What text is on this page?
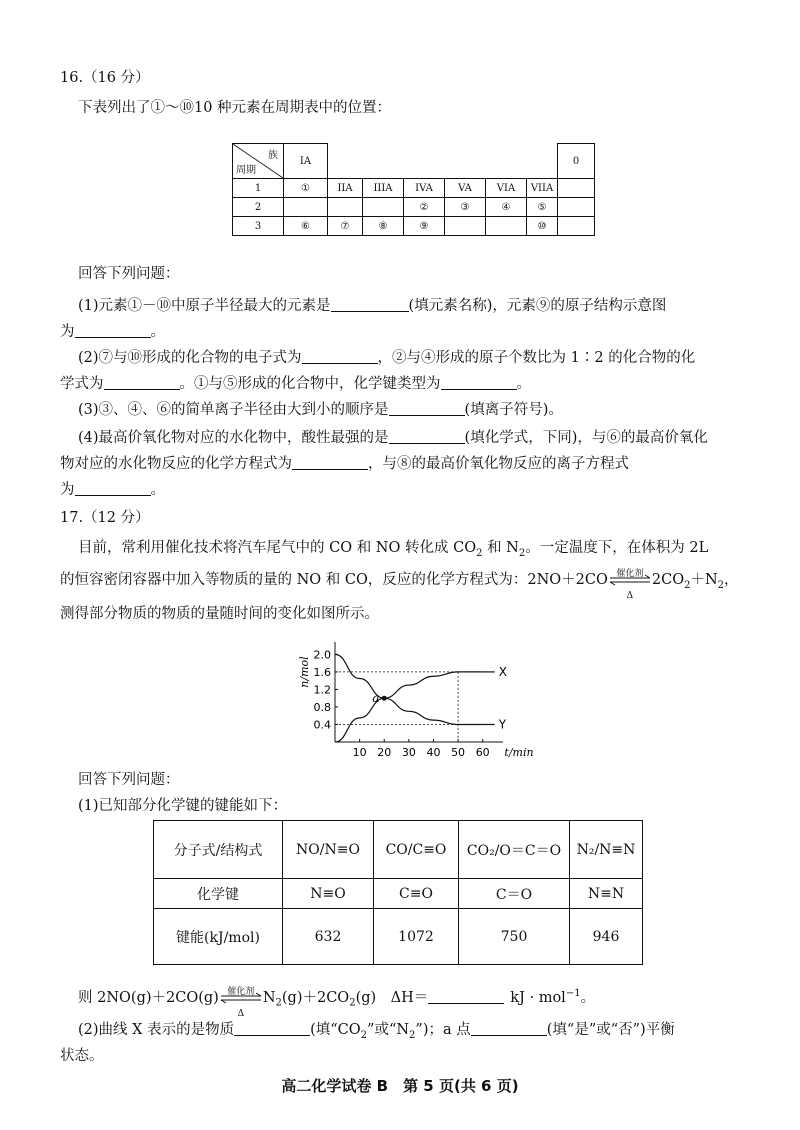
16.（16 分）
下表列出了①～⑩10 种元素在周期表中的位置：
族
周期	IA							0
1	①	IIA	IIIA	IVA	VA	VIA	VIIA	
2				②	③	④	⑤	
3	⑥	⑦	⑧	⑨			⑩	
回答下列问题：
(1)元素①－⑩中原子半径最大的元素是	(填元素名称)，元素⑨的原子结构示意图
为	。
(2)⑦与⑩形成的化合物的电子式为	，②与④形成的原子个数比为 1∶2 的化合物的化
学式为	。①与⑤形成的化合物中，化学键类型为	。
(3)③、④、⑥的简单离子半径由大到小的顺序是	(填离子符号)。
(4)最高价氧化物对应的水化物中，酸性最强的是	(填化学式，下同)，与⑥的最高价氧化
物对应的水化物反应的化学方程式为	，与⑧的最高价氧化物反应的离子方程式
为	。
17.（12 分）
目前，常利用催化技术将汽车尾气中的 CO 和 NO 转化成 $CO_2$ 和 $N_2$。一定温度下，在体积为 2L
的恒容密闭容器中加入等物质的量的 NO 和 CO，反应的化学方程式为：2NO＋2CO 催化剂
Δ
$2CO_2+N_2$，
测得部分物质的物质的量随时间的变化如图所示。
10 20 30 40 50 60 t/min
0.4
0.8
1.2
1.6
2.0
n/mol	X
Y
a
回答下列问题：
(1)已知部分化学键的键能如下：
分子式/结构式	NO/N≡O	CO/C≡O	CO₂/O＝C＝O	N₂/N≡N
化学键	N≡O	C≡O	C＝O	N≡N
键能(kJ/mol)	632	1072	750	946
则 2NO(g)＋2CO(g) 催化剂
Δ
$N_2(g)+2CO_2(g)$　ΔH＝	kJ · mol$^{-1}$。
(2)曲线 X 表示的是物质	(填“$CO_2$”或“$N_2$”)；a 点	(填“是”或“否”)平衡
状态。
高二化学试卷 B　第 5 页(共 6 页)
